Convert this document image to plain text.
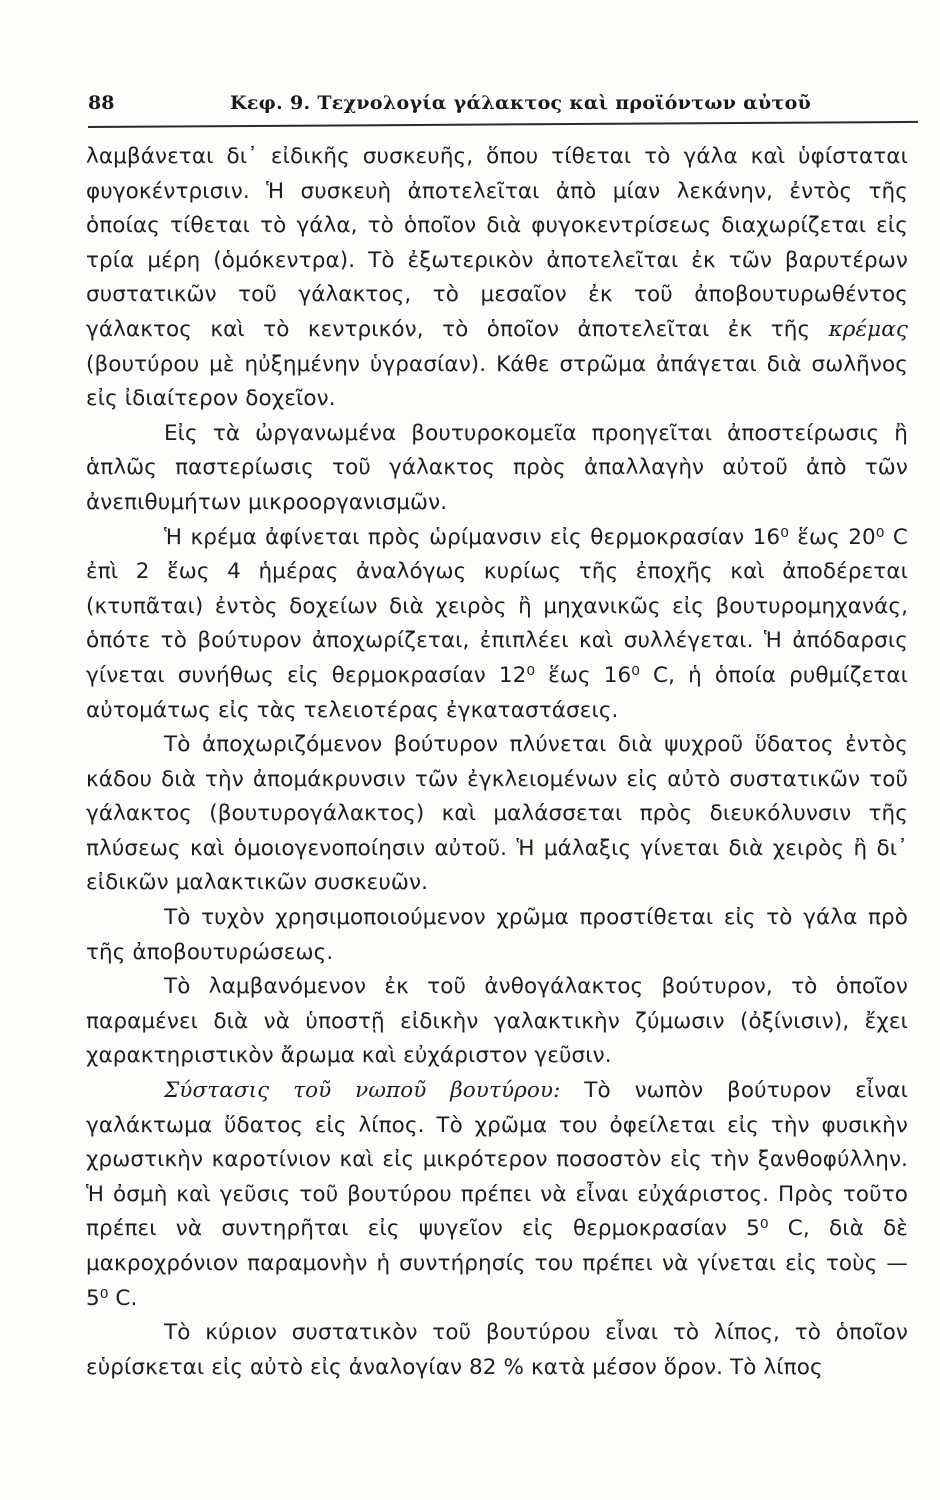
88	Κεφ. 9. Τεχνολογία γάλακτος καὶ προϊόντων αὐτοῦ

λαμβάνεται δι᾽ εἰδικῆς συσκευῆς, ὅπου τίθεται τὸ γάλα καὶ ὑφίσταται φυγοκέντρισιν. Ἡ συσκευὴ ἀποτελεῖται ἀπὸ μίαν λεκάνην, ἐντὸς τῆς ὁποίας τίθεται τὸ γάλα, τὸ ὁποῖον διὰ φυγοκεντρίσεως διαχωρίζεται εἰς τρία μέρη (ὁμόκεντρα). Τὸ ἐξωτερικὸν ἀποτελεῖται ἐκ τῶν βαρυτέρων συστατικῶν τοῦ γάλακτος, τὸ μεσαῖον ἐκ τοῦ ἀποβουτυρωθέντος γάλακτος καὶ τὸ κεντρικόν, τὸ ὁποῖον ἀποτελεῖται ἐκ τῆς κρέμας (βουτύρου μὲ ηὐξημένην ὑγρασίαν). Κάθε στρῶμα ἀπάγεται διὰ σωλῆνος εἰς ἰδιαίτερον δοχεῖον.

Εἰς τὰ ὠργανωμένα βουτυροκομεῖα προηγεῖται ἀποστείρωσις ἢ ἁπλῶς παστερίωσις τοῦ γάλακτος πρὸς ἀπαλλαγὴν αὐτοῦ ἀπὸ τῶν ἀνεπιθυμήτων μικροοργανισμῶν.

Ἡ κρέμα ἀφίνεται πρὸς ὡρίμανσιν εἰς θερμοκρασίαν 16⁰ ἕως 20⁰ C ἐπὶ 2 ἕως 4 ἡμέρας ἀναλόγως κυρίως τῆς ἐποχῆς καὶ ἀποδέρεται (κτυπᾶται) ἐντὸς δοχείων διὰ χειρὸς ἢ μηχανικῶς εἰς βουτυρομηχανάς, ὁπότε τὸ βούτυρον ἀποχωρίζεται, ἐπιπλέει καὶ συλλέγεται. Ἡ ἀπόδαρσις γίνεται συνήθως εἰς θερμοκρασίαν 12⁰ ἕως 16⁰ C, ἡ ὁποία ρυθμίζεται αὐτομάτως εἰς τὰς τελειοτέρας ἐγκαταστάσεις.

Τὸ ἀποχωριζόμενον βούτυρον πλύνεται διὰ ψυχροῦ ὕδατος ἐντὸς κάδου διὰ τὴν ἀπομάκρυνσιν τῶν ἐγκλειομένων εἰς αὐτὸ συστατικῶν τοῦ γάλακτος (βουτυρογάλακτος) καὶ μαλάσσεται πρὸς διευκόλυνσιν τῆς πλύσεως καὶ ὁμοιογενοποίησιν αὐτοῦ. Ἡ μάλαξις γίνεται διὰ χειρὸς ἢ δι᾽ εἰδικῶν μαλακτικῶν συσκευῶν.

Τὸ τυχὸν χρησιμοποιούμενον χρῶμα προστίθεται εἰς τὸ γάλα πρὸ τῆς ἀποβουτυρώσεως.

Τὸ λαμβανόμενον ἐκ τοῦ ἀνθογάλακτος βούτυρον, τὸ ὁποῖον παραμένει διὰ νὰ ὑποστῇ εἰδικὴν γαλακτικὴν ζύμωσιν (ὀξίνισιν), ἔχει χαρακτηριστικὸν ἄρωμα καὶ εὐχάριστον γεῦσιν.

Σύστασις τοῦ νωποῦ βουτύρου: Τὸ νωπὸν βούτυρον εἶναι γαλάκτωμα ὕδατος εἰς λίπος. Τὸ χρῶμα του ὀφείλεται εἰς τὴν φυσικὴν χρωστικὴν καροτίνιον καὶ εἰς μικρότερον ποσοστὸν εἰς τὴν ξανθοφύλλην. Ἡ ὀσμὴ καὶ γεῦσις τοῦ βουτύρου πρέπει νὰ εἶναι εὐχάριστος. Πρὸς τοῦτο πρέπει νὰ συντηρῆται εἰς ψυγεῖον εἰς θερμοκρασίαν 5⁰ C, διὰ δὲ μακροχρόνιον παραμονὴν ἡ συντήρησίς του πρέπει νὰ γίνεται εἰς τοὺς —5⁰ C.

Τὸ κύριον συστατικὸν τοῦ βουτύρου εἶναι τὸ λίπος, τὸ ὁποῖον εὑρίσκεται εἰς αὐτὸ εἰς ἀναλογίαν 82 % κατὰ μέσον ὅρον. Τὸ λίπος
